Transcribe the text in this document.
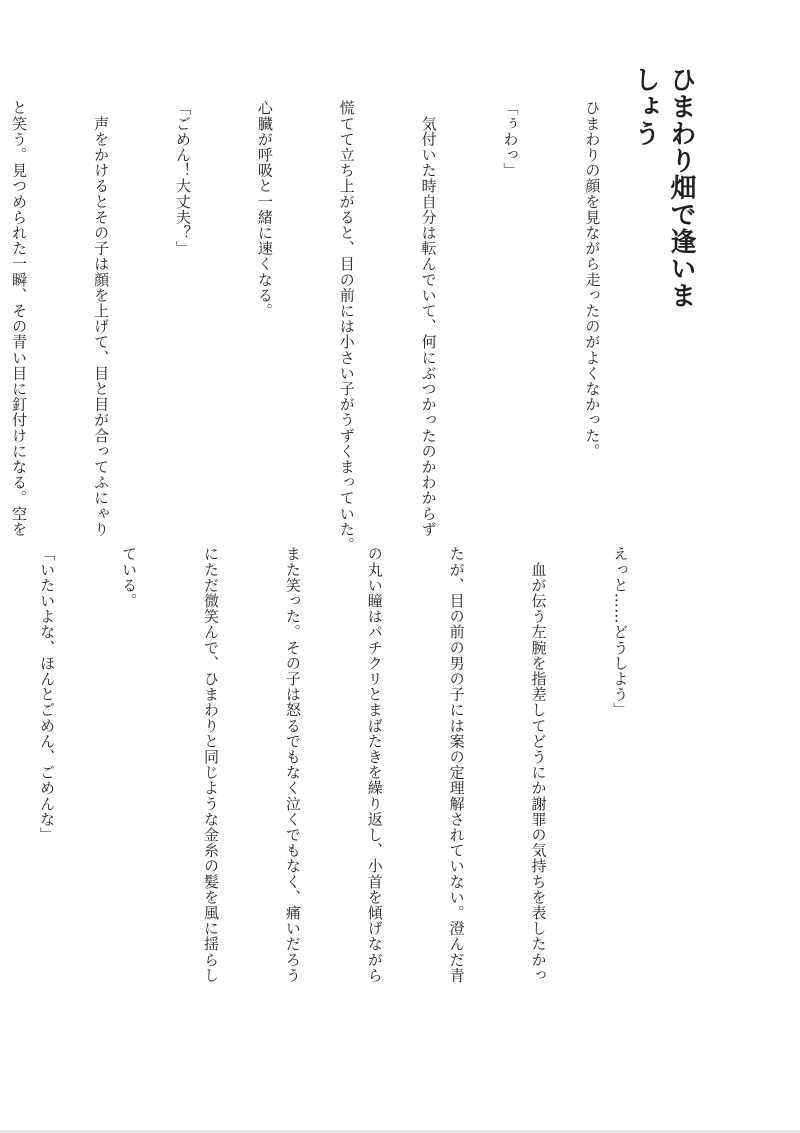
ひまわり畑で逢いましょう

ひまわりの顔を見ながら走ったのがよくなかった。

「ぅわっ」

　気付いた時自分は転んでいて、何にぶつかったのかわからず

慌てて立ち上がると、目の前には小さい子がうずくまっていた。

心臓が呼吸と一緒に速くなる。

「ごめん！大丈夫？」

　声をかけるとその子は顔を上げて、目と目が合ってふにゃり

と笑う。見つめられた一瞬、その青い目に釘付けになる。空を

えっと……どうしよう」

　血が伝う左腕を指差してどうにか謝罪の気持ちを表したかっ

たが、目の前の男の子には案の定理解されていない。澄んだ青

の丸い瞳はパチクリとまばたきを繰り返し、小首を傾げながら

また笑った。その子は怒るでもなく泣くでもなく、痛いだろう

にただ微笑んで、ひまわりと同じような金糸の髪を風に揺らし

ている。

「いたいよな、ほんとごめん、ごめんな」
